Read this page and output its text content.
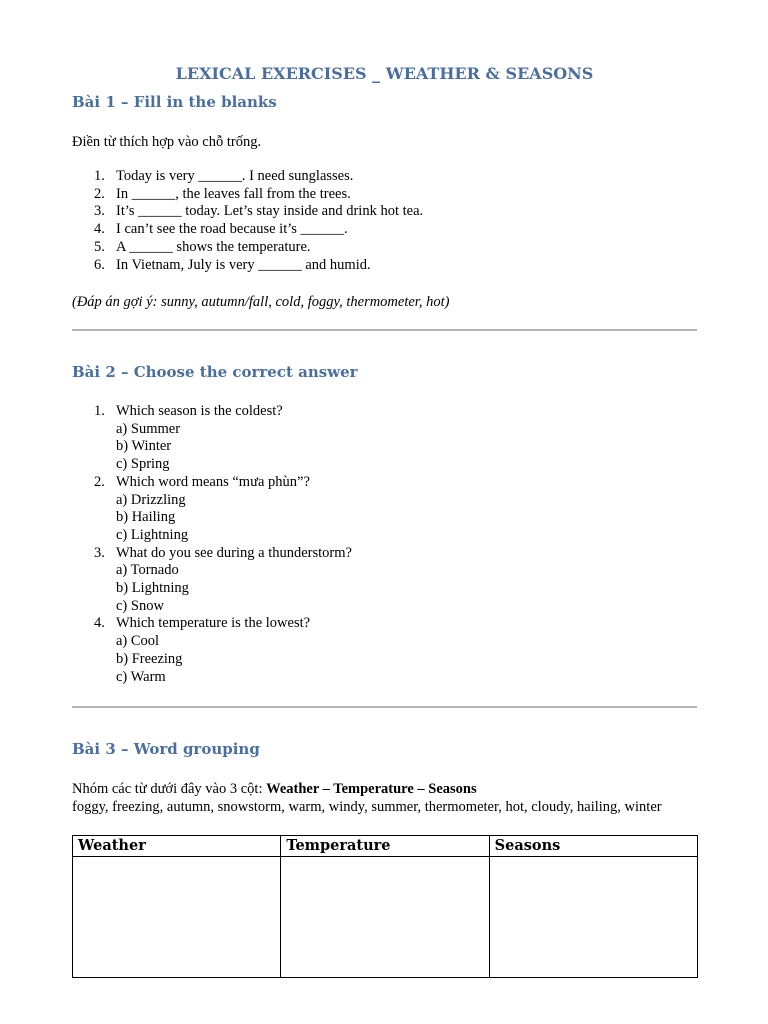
LEXICAL EXERCISES _ WEATHER & SEASONS
Bài 1 – Fill in the blanks

Điền từ thích hợp vào chỗ trống.

1. Today is very ______. I need sunglasses.
2. In ______, the leaves fall from the trees.
3. It’s ______ today. Let’s stay inside and drink hot tea.
4. I can’t see the road because it’s ______.
5. A ______ shows the temperature.
6. In Vietnam, July is very ______ and humid.

(Đáp án gợi ý: sunny, autumn/fall, cold, foggy, thermometer, hot)

Bài 2 – Choose the correct answer
1. Which season is the coldest?
a) Summer
b) Winter
c) Spring
2. Which word means “mưa phùn”?
a) Drizzling
b) Hailing
c) Lightning
3. What do you see during a thunderstorm?
a) Tornado
b) Lightning
c) Snow
4. Which temperature is the lowest?
a) Cool
b) Freezing
c) Warm
Bài 3 – Word grouping

Nhóm các từ dưới đây vào 3 cột: Weather – Temperature – Seasons

foggy, freezing, autumn, snowstorm, warm, windy, summer, thermometer, hot, cloudy, hailing, winter

Weather	Temperature	Seasons
